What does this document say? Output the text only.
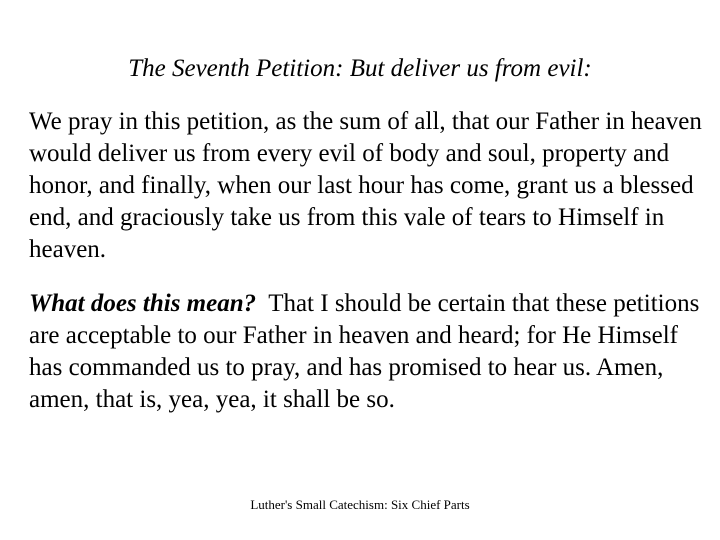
The Seventh Petition: But deliver us from evil:

We pray in this petition, as the sum of all, that our Father in heaven would deliver us from every evil of body and soul, property and honor, and finally, when our last hour has come, grant us a blessed end, and graciously take us from this vale of tears to Himself in heaven.

What does this mean? That I should be certain that these petitions are acceptable to our Father in heaven and heard; for He Himself has commanded us to pray, and has promised to hear us. Amen, amen, that is, yea, yea, it shall be so.

Luther's Small Catechism: Six Chief Parts
